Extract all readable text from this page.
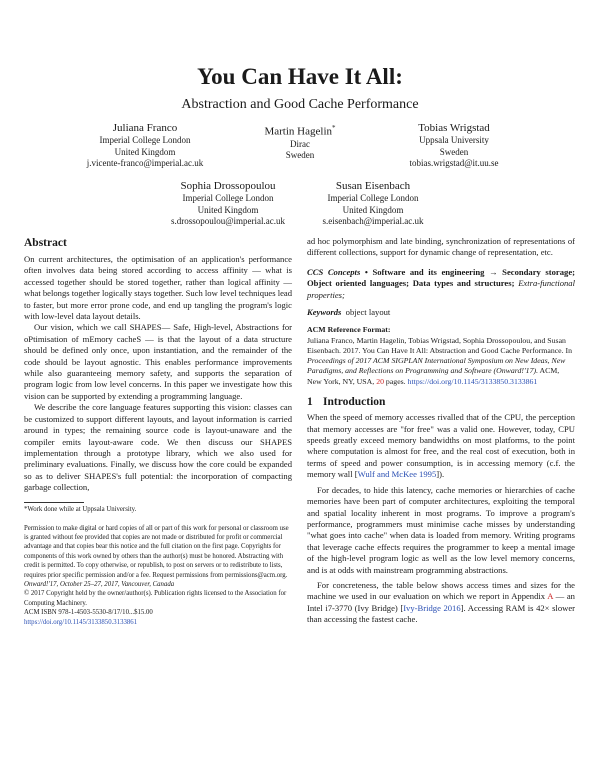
You Can Have It All:
Abstraction and Good Cache Performance
Juliana Franco
Imperial College London
United Kingdom
j.vicente-franco@imperial.ac.uk
Martin Hagelin*
Dirac
Sweden
Tobias Wrigstad
Uppsala University
Sweden
tobias.wrigstad@it.uu.se
Sophia Drossopoulou
Imperial College London
United Kingdom
s.drossopoulou@imperial.ac.uk
Susan Eisenbach
Imperial College London
United Kingdom
s.eisenbach@imperial.ac.uk
Abstract

On current architectures, the optimisation of an application's performance often involves data being stored according to access affinity — what is accessed together should be stored together, rather than logical affinity — what belongs together logically stays together. Such low level techniques lead to faster, but more error prone code, and end up tangling the program's logic with low-level data layout details.

Our vision, which we call SHAPES— Safe, High-level, Abstractions for oPtimisation of mEmory cacheS — is that the layout of a data structure should be defined only once, upon instantiation, and the remainder of the code should be layout agnostic. This enables performance improvements while also guaranteeing memory safety, and supports the separation of program logic from low level concerns. In this paper we investigate how this vision can be supported by extending a programming language.

We describe the core language features supporting this vision: classes can be customized to support different layouts, and layout information is carried around in types; the remaining source code is layout-unaware and the compiler emits layout-aware code. We then discuss our SHAPES implementation through a prototype library, which we also used for preliminary evaluations. Finally, we discuss how the core could be expanded so as to deliver SHAPES's full potential: the incorporation of compacting garbage collection,

*Work done while at Uppsala University.
Permission to make digital or hard copies of all or part of this work for personal or classroom use is granted without fee provided that copies are not made or distributed for profit or commercial advantage and that copies bear this notice and the full citation on the first page. Copyrights for components of this work owned by others than the author(s) must be honored. Abstracting with credit is permitted. To copy otherwise, or republish, to post on servers or to redistribute to lists, requires prior specific permission and/or a fee. Request permissions from permissions@acm.org.
Onward!'17, October 25–27, 2017, Vancouver, Canada
© 2017 Copyright held by the owner/author(s). Publication rights licensed to the Association for Computing Machinery.
ACM ISBN 978-1-4503-5530-8/17/10...$15.00
https://doi.org/10.1145/3133850.3133861

ad hoc polymorphism and late binding, synchronization of representations of different collections, support for dynamic change of representation, etc.

CCS Concepts • Software and its engineering → Secondary storage; Object oriented languages; Data types and structures; Extra-functional properties;

Keywords object layout

ACM Reference Format:
Juliana Franco, Martin Hagelin, Tobias Wrigstad, Sophia Drossopoulou, and Susan Eisenbach. 2017. You Can Have It All: Abstraction and Good Cache Performance. In Proceedings of 2017 ACM SIGPLAN International Symposium on New Ideas, New Paradigms, and Reflections on Programming and Software (Onward!'17). ACM, New York, NY, USA, 20 pages. https://doi.org/10.1145/3133850.3133861
1 Introduction

When the speed of memory accesses rivalled that of the CPU, the perception that memory accesses are "for free" was a valid one. However, today, CPU speeds greatly exceed memory bandwidths on most platforms, to the point where computation is almost for free, and the real cost of execution, both in terms of speed and power consumption, is in accessing memory (c.f. the memory wall [Wulf and McKee 1995]).

For decades, to hide this latency, cache memories or hierarchies of cache memories have been part of computer architectures, exploiting the temporal and spatial locality inherent in most programs. To improve a program's performance, programmers must minimise cache misses by understanding "what goes into cache" when data is loaded from memory. Writing programs that leverage cache effects requires the programmer to keep a mental image of the high-level program logic as well as the low level memory concerns, and is at odds with mainstream programming abstractions.

For concreteness, the table below shows access times and sizes for the machine we used in our evaluation on which we report in Appendix A — an Intel i7-3770 (Ivy Bridge) [Ivy-Bridge 2016]. Accessing RAM is 42× slower than accessing the fastest cache.
